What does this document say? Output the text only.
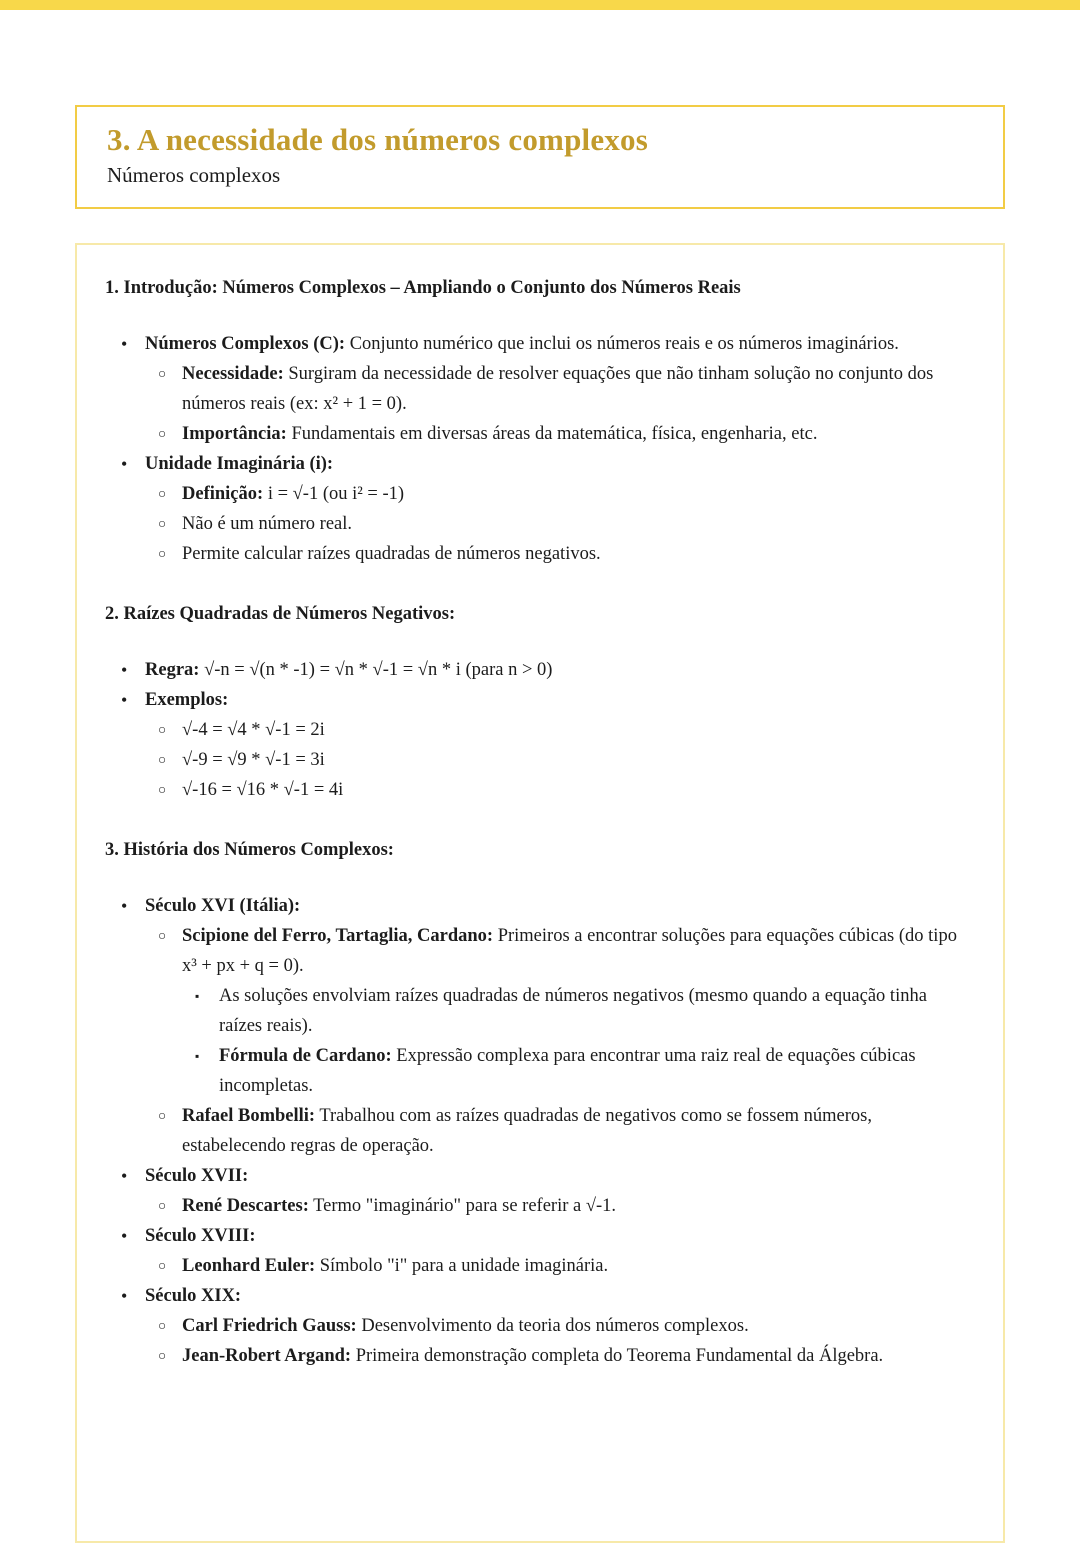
3. A necessidade dos números complexos
Números complexos
1. Introdução: Números Complexos – Ampliando o Conjunto dos Números Reais
• Números Complexos (C): Conjunto numérico que inclui os números reais e os números imaginários.
○ Necessidade: Surgiram da necessidade de resolver equações que não tinham solução no conjunto dos números reais (ex: x² + 1 = 0).
○ Importância: Fundamentais em diversas áreas da matemática, física, engenharia, etc.
• Unidade Imaginária (i):
○ Definição: i = √-1 (ou i² = -1)
○ Não é um número real.
○ Permite calcular raízes quadradas de números negativos.
2. Raízes Quadradas de Números Negativos:
• Regra: √-n = √(n * -1) = √n * √-1 = √n * i (para n > 0)
• Exemplos:
○ √-4 = √4 * √-1 = 2i
○ √-9 = √9 * √-1 = 3i
○ √-16 = √16 * √-1 = 4i
3. História dos Números Complexos:
• Século XVI (Itália):
○ Scipione del Ferro, Tartaglia, Cardano: Primeiros a encontrar soluções para equações cúbicas (do tipo x³ + px + q = 0).
▪	As soluções envolviam raízes quadradas de números negativos (mesmo quando a equação tinha raízes reais).
▪	Fórmula de Cardano: Expressão complexa para encontrar uma raiz real de equações cúbicas incompletas.
○ Rafael Bombelli: Trabalhou com as raízes quadradas de negativos como se fossem números, estabelecendo regras de operação.
• Século XVII:
○ René Descartes: Termo "imaginário" para se referir a √-1.
• Século XVIII:
○ Leonhard Euler: Símbolo "i" para a unidade imaginária.
• Século XIX:
○ Carl Friedrich Gauss: Desenvolvimento da teoria dos números complexos.
○ Jean-Robert Argand: Primeira demonstração completa do Teorema Fundamental da Álgebra.
